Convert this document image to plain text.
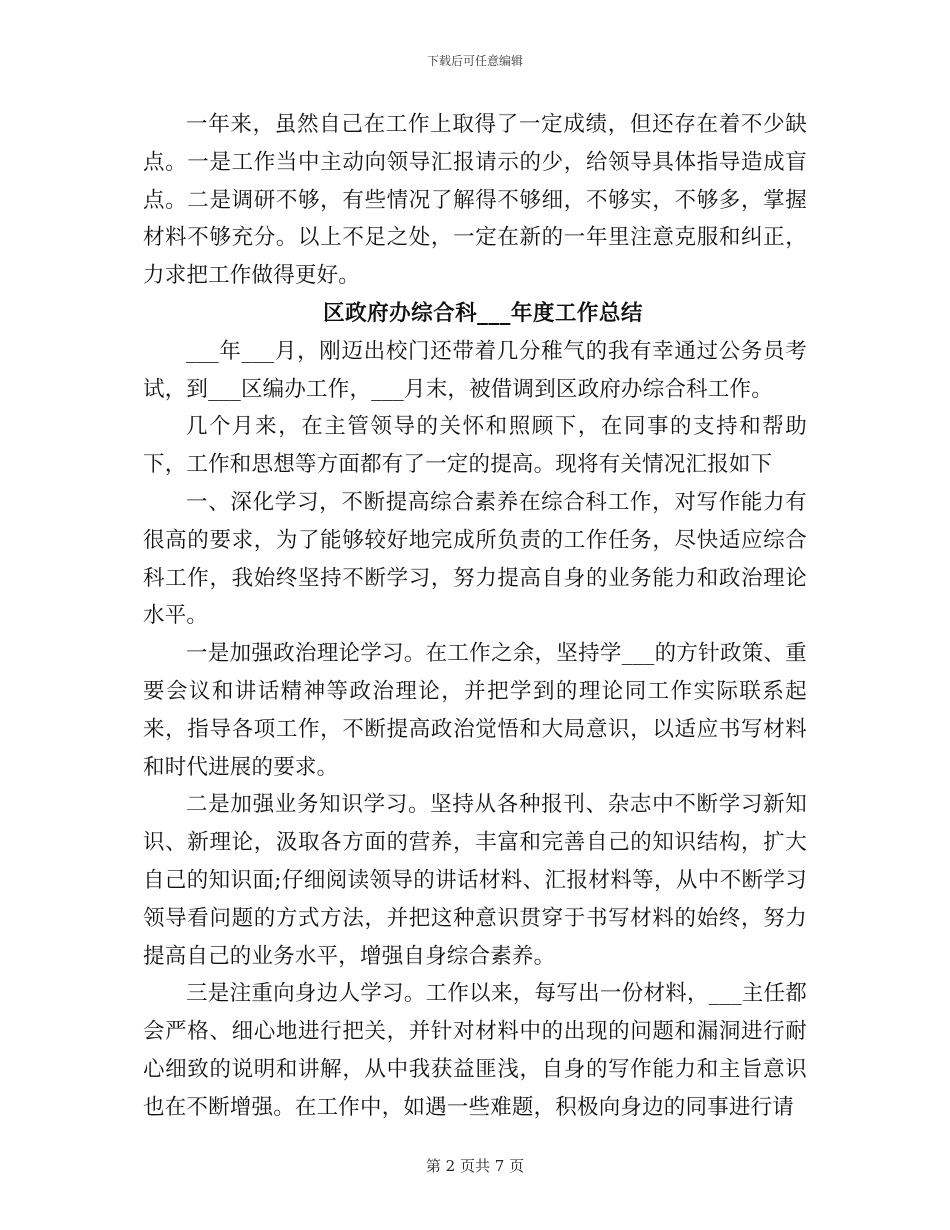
下载后可任意编辑

一年来，虽然自己在工作上取得了一定成绩，但还存在着不少缺点。一是工作当中主动向领导汇报请示的少，给领导具体指导造成盲点。二是调研不够，有些情况了解得不够细，不够实，不够多，掌握材料不够充分。以上不足之处，一定在新的一年里注意克服和纠正，力求把工作做得更好。

区政府办综合科___年度工作总结

___年___月，刚迈出校门还带着几分稚气的我有幸通过公务员考试，到___区编办工作，___月末，被借调到区政府办综合科工作。

几个月来，在主管领导的关怀和照顾下，在同事的支持和帮助下，工作和思想等方面都有了一定的提高。现将有关情况汇报如下

一、深化学习，不断提高综合素养在综合科工作，对写作能力有很高的要求，为了能够较好地完成所负责的工作任务，尽快适应综合科工作，我始终坚持不断学习，努力提高自身的业务能力和政治理论水平。

一是加强政治理论学习。在工作之余，坚持学___的方针政策、重要会议和讲话精神等政治理论，并把学到的理论同工作实际联系起来，指导各项工作，不断提高政治觉悟和大局意识，以适应书写材料和时代进展的要求。

二是加强业务知识学习。坚持从各种报刊、杂志中不断学习新知识、新理论，汲取各方面的营养，丰富和完善自己的知识结构，扩大自己的知识面;仔细阅读领导的讲话材料、汇报材料等，从中不断学习领导看问题的方式方法，并把这种意识贯穿于书写材料的始终，努力提高自己的业务水平，增强自身综合素养。

三是注重向身边人学习。工作以来，每写出一份材料，___主任都会严格、细心地进行把关，并针对材料中的出现的问题和漏洞进行耐心细致的说明和讲解，从中我获益匪浅，自身的写作能力和主旨意识也在不断增强。在工作中，如遇一些难题，积极向身边的同事进行请

第 2 页共 7 页
